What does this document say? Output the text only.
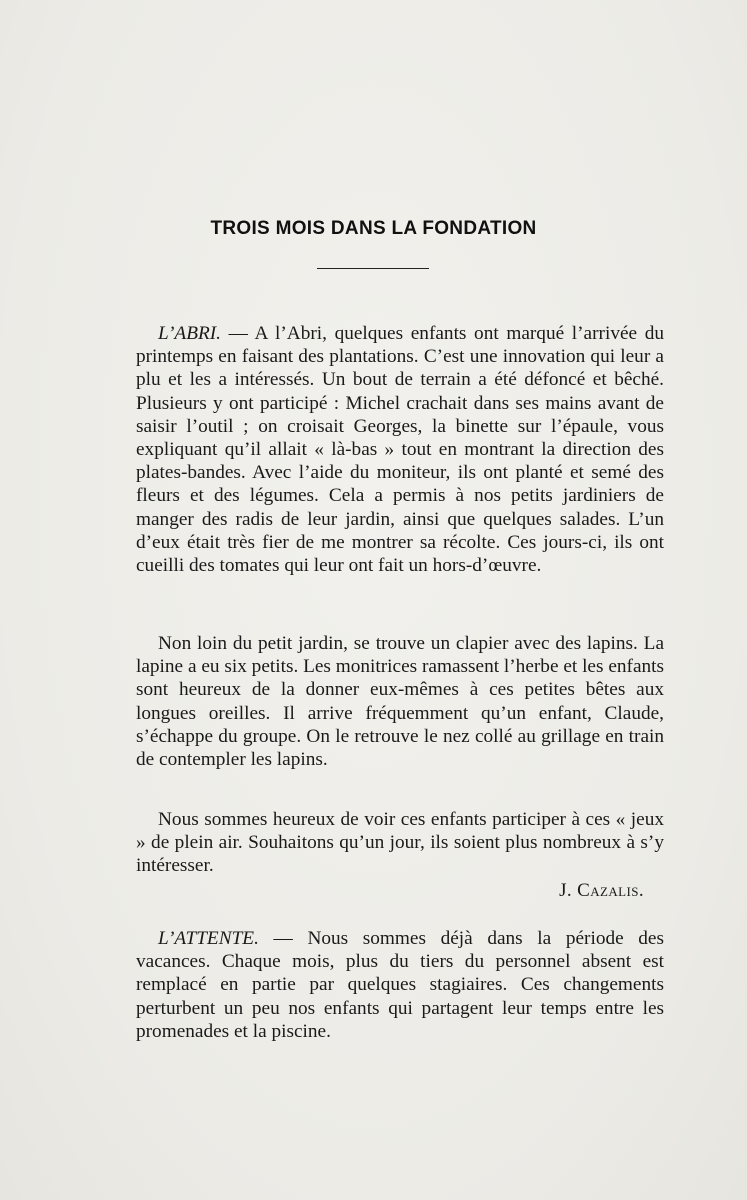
TROIS MOIS DANS LA FONDATION

L’ABRI. — A l’Abri, quelques enfants ont marqué l’arrivée du printemps en faisant des plantations. C’est une innovation qui leur a plu et les a intéressés. Un bout de terrain a été défoncé et bêché. Plusieurs y ont participé : Michel crachait dans ses mains avant de saisir l’outil ; on croisait Georges, la binette sur l’épaule, vous expliquant qu’il allait « là-bas » tout en montrant la direction des plates-bandes. Avec l’aide du moniteur, ils ont planté et semé des fleurs et des légumes. Cela a permis à nos petits jardiniers de manger des radis de leur jardin, ainsi que quelques salades. L’un d’eux était très fier de me montrer sa récolte. Ces jours-ci, ils ont cueilli des tomates qui leur ont fait un hors-d’œuvre.

Non loin du petit jardin, se trouve un clapier avec des lapins. La lapine a eu six petits. Les monitrices ramassent l’herbe et les enfants sont heureux de la donner eux-mêmes à ces petites bêtes aux longues oreilles. Il arrive fréquemment qu’un enfant, Claude, s’échappe du groupe. On le retrouve le nez collé au grillage en train de contempler les lapins.

Nous sommes heureux de voir ces enfants participer à ces « jeux » de plein air. Souhaitons qu’un jour, ils soient plus nombreux à s’y intéresser.

J. Cazalis.

L’ATTENTE. — Nous sommes déjà dans la période des vacances. Chaque mois, plus du tiers du personnel absent est remplacé en partie par quelques stagiaires. Ces changements perturbent un peu nos enfants qui partagent leur temps entre les promenades et la piscine.
